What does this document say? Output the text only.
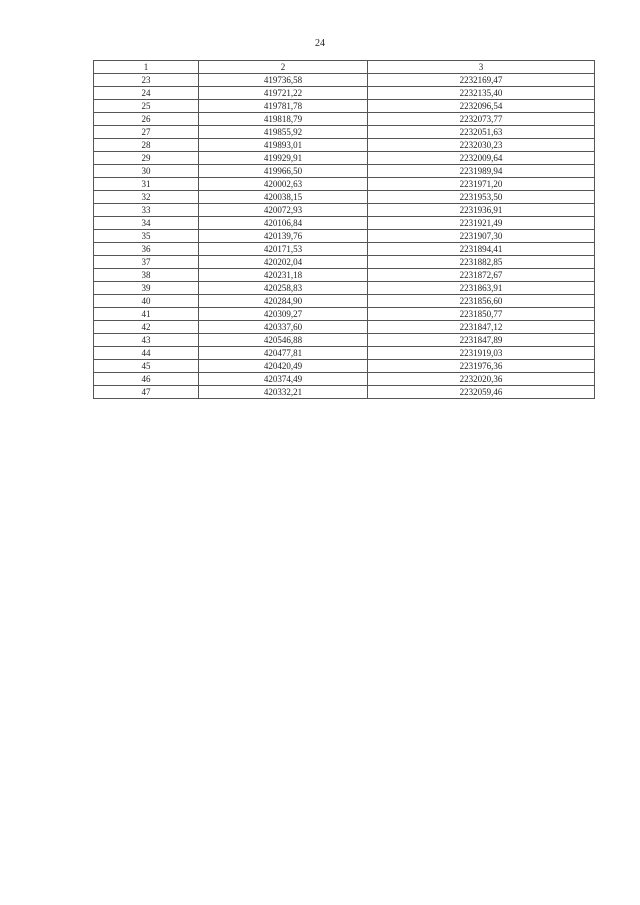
24
1	2	3
23	419736,58	2232169,47
24	419721,22	2232135,40
25	419781,78	2232096,54
26	419818,79	2232073,77
27	419855,92	2232051,63
28	419893,01	2232030,23
29	419929,91	2232009,64
30	419966,50	2231989,94
31	420002,63	2231971,20
32	420038,15	2231953,50
33	420072,93	2231936,91
34	420106,84	2231921,49
35	420139,76	2231907,30
36	420171,53	2231894,41
37	420202,04	2231882,85
38	420231,18	2231872,67
39	420258,83	2231863,91
40	420284,90	2231856,60
41	420309,27	2231850,77
42	420337,60	2231847,12
43	420546,88	2231847,89
44	420477,81	2231919,03
45	420420,49	2231976,36
46	420374,49	2232020,36
47	420332,21	2232059,46
